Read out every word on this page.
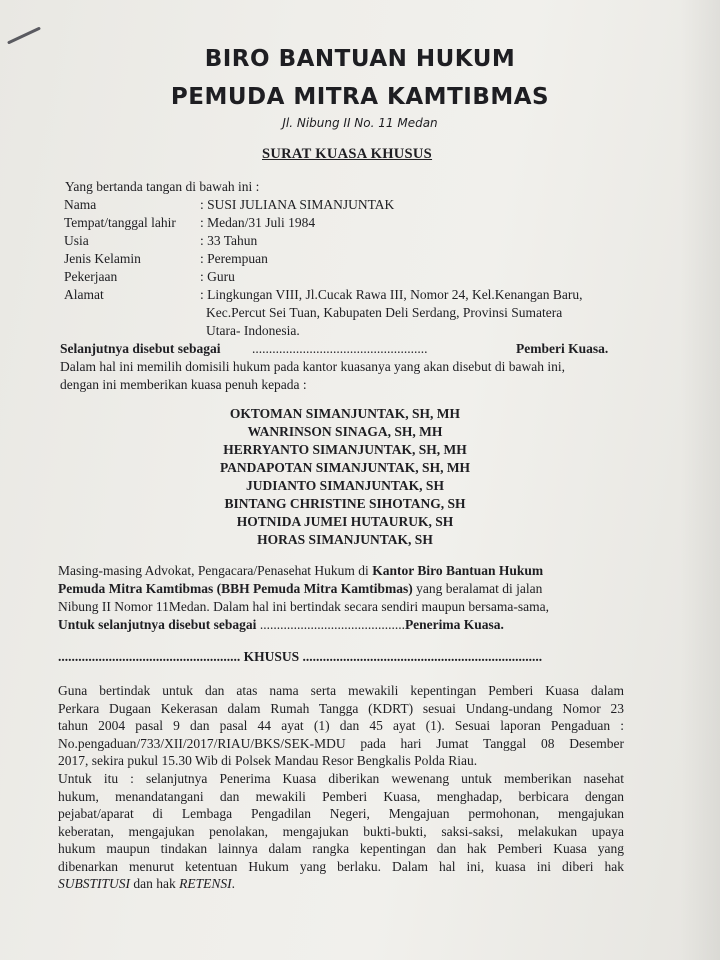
BIRO BANTUAN HUKUM
PEMUDA MITRA KAMTIBMAS
Jl. Nibung II No. 11 Medan
SURAT KUASA KHUSUS
Yang bertanda tangan di bawah ini :
Nama	: SUSI JULIANA SIMANJUNTAK
Tempat/tanggal lahir : Medan/31 Juli 1984
Usia	: 33 Tahun
Jenis Kelamin	: Perempuan
Pekerjaan	: Guru
Alamat	: Lingkungan VIII, Jl.Cucak Rawa III, Nomor 24, Kel.Kenangan Baru,
Kec.Percut Sei Tuan, Kabupaten Deli Serdang, Provinsi Sumatera
Utara- Indonesia.
Selanjutnya disebut sebagai ....................................................	Pemberi Kuasa.
Dalam hal ini memilih domisili hukum pada kantor kuasanya yang akan disebut di bawah ini,
dengan ini memberikan kuasa penuh kepada :
OKTOMAN SIMANJUNTAK, SH, MH
WANRINSON SINAGA, SH, MH
HERRYANTO SIMANJUNTAK, SH, MH
PANDAPOTAN SIMANJUNTAK, SH, MH
JUDIANTO SIMANJUNTAK, SH
BINTANG CHRISTINE SIHOTANG, SH
HOTNIDA JUMEI HUTAURUK, SH
HORAS SIMANJUNTAK, SH
Masing-masing Advokat, Pengacara/Penasehat Hukum di Kantor Biro Bantuan Hukum
Pemuda Mitra Kamtibmas (BBH Pemuda Mitra Kamtibmas) yang beralamat di jalan
Nibung II Nomor 11Medan. Dalam hal ini bertindak secara sendiri maupun bersama-sama,
Untuk selanjutnya disebut sebagai ...........................................Penerima Kuasa.
...................................................... KHUSUS .......................................................................
Guna bertindak untuk dan atas nama serta mewakili kepentingan Pemberi Kuasa dalam
Perkara Dugaan Kekerasan dalam Rumah Tangga (KDRT) sesuai Undang-undang Nomor 23
tahun 2004 pasal 9 dan pasal 44 ayat (1) dan 45 ayat (1). Sesuai laporan Pengaduan :
No.pengaduan/733/XII/2017/RIAU/BKS/SEK-MDU pada hari Jumat Tanggal 08 Desember
2017, sekira pukul 15.30 Wib di Polsek Mandau Resor Bengkalis Polda Riau.
Untuk itu : selanjutnya Penerima Kuasa diberikan wewenang untuk memberikan nasehat
hukum, menandatangani dan mewakili Pemberi Kuasa, menghadap, berbicara dengan
pejabat/aparat di Lembaga Pengadilan Negeri, Mengajuan permohonan, mengajukan
keberatan, mengajukan penolakan, mengajukan bukti-bukti, saksi-saksi, melakukan upaya
hukum maupun tindakan lainnya dalam rangka kepentingan dan hak Pemberi Kuasa yang
dibenarkan menurut ketentuan Hukum yang berlaku. Dalam hal ini, kuasa ini diberi hak
SUBSTITUSI dan hak RETENSI.
